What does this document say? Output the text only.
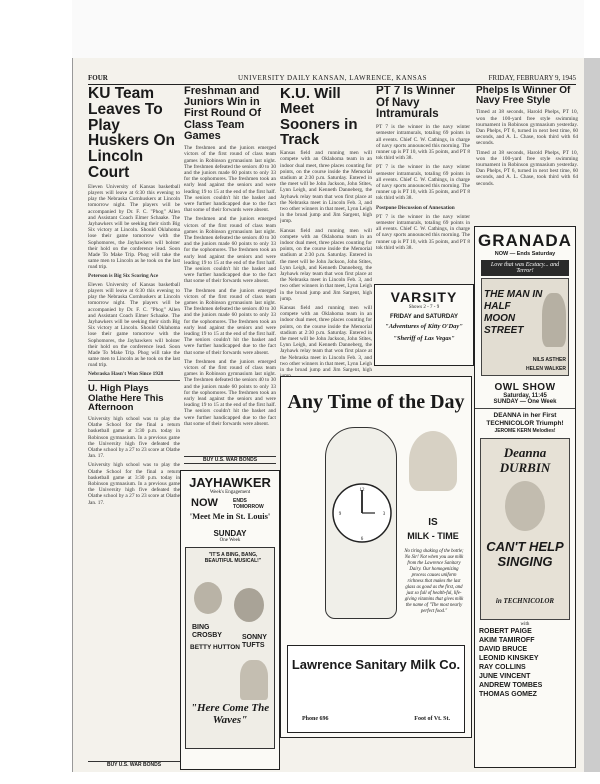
FOUR	UNIVERSITY DAILY KANSAN, LAWRENCE, KANSAS	FRIDAY, FEBRUARY 9, 1945
KU Team Leaves To Play Huskers On Lincoln Court
Eleven University of Kansas basketball players will leave at 6:30 this evening to play the Nebraska Cornhuskers at Lincoln tomorrow night. The players will be accompanied by Dr. F. C. "Phog" Allen and Assistant Coach Elmer Schaake. The Jayhawkers will be seeking their sixth Big Six victory at Lincoln. Should Oklahoma lose their game tomorrow with the Sophomores, the Jayhawkers will bolster their hold on the conference lead. Soon Made To Make Trip. Phog will take the same men to Lincoln as he took on the last road trip.
Peterson is Big Six Scoring Ace
Eleven University of Kansas basketball players will leave at 6:30 this evening to play the Nebraska Cornhuskers at Lincoln tomorrow night. The players will be accompanied by Dr. F. C. "Phog" Allen and Assistant Coach Elmer Schaake. The Jayhawkers will be seeking their sixth Big Six victory at Lincoln. Should Oklahoma lose their game tomorrow with the Sophomores, the Jayhawkers will bolster their hold on the conference lead. Soon Made To Make Trip. Phog will take the same men to Lincoln as he took on the last road trip.
Nebraska Hasn't Won Since 1928
U. High Plays Olathe Here This Afternoon
University high school was to play the Olathe School for the final a return basketball game at 3:30 p.m. today in Robinson gymnasium. In a previous game the University high five defeated the Olathe school by a 27 to 23 score at Olathe Jan. 17.
University high school was to play the Olathe School for the final a return basketball game at 3:30 p.m. today in Robinson gymnasium. In a previous game the University high five defeated the Olathe school by a 27 to 23 score at Olathe Jan. 17.
BUY U.S. WAR BONDS
Freshman and Juniors Win in First Round Of Class Team Games
The freshmen and the juniors emerged victors of the first round of class team games in Robinson gymnasium last night. The freshmen defeated the seniors 40 to 30 and the juniors made 60 points to only 33 for the sophomores. The freshmen took an early lead against the seniors and were leading 19 to 15 at the end of the first half. The seniors couldn't hit the basket and were further handicapped due to the fact that some of their forwards were absent.
The freshmen and the juniors emerged victors of the first round of class team games in Robinson gymnasium last night. The freshmen defeated the seniors 40 to 30 and the juniors made 60 points to only 33 for the sophomores. The freshmen took an early lead against the seniors and were leading 19 to 15 at the end of the first half. The seniors couldn't hit the basket and were further handicapped due to the fact that some of their forwards were absent.
The freshmen and the juniors emerged victors of the first round of class team games in Robinson gymnasium last night. The freshmen defeated the seniors 40 to 30 and the juniors made 60 points to only 33 for the sophomores. The freshmen took an early lead against the seniors and were leading 19 to 15 at the end of the first half. The seniors couldn't hit the basket and were further handicapped due to the fact that some of their forwards were absent.
The freshmen and the juniors emerged victors of the first round of class team games in Robinson gymnasium last night. The freshmen defeated the seniors 40 to 30 and the juniors made 60 points to only 33 for the sophomores. The freshmen took an early lead against the seniors and were leading 19 to 15 at the end of the first half. The seniors couldn't hit the basket and were further handicapped due to the fact that some of their forwards were absent.
BUY U.S. WAR BONDS
JAYHAWKER
Week's Engagement
NOW	ENDS TOMORROW
'Meet Me in St. Louis'
SUNDAY
One Week
"IT'S A BING, BANG, BEAUTIFUL MUSICAL!"
BING CROSBY
BETTY HUTTON
SONNY TUFTS
"Here Come The Waves"
K.U. Will Meet Sooners in Track
Kansas field and running men will compete with an Oklahoma team in an indoor dual meet, three places counting for points, on the course inside the Memorial stadium at 2:30 p.m. Saturday. Entered in the meet will be John Jackson, John Stites, Lynn Leigh, and Kenneth Danneberg, the Jayhawk relay team that won first place at the Nebraska meet in Lincoln Feb. 3, and two other winners in that meet, Lynn Leigh in the broad jump and Jim Sargent, high jump.
Kansas field and running men will compete with an Oklahoma team in an indoor dual meet, three places counting for points, on the course inside the Memorial stadium at 2:30 p.m. Saturday. Entered in the meet will be John Jackson, John Stites, Lynn Leigh, and Kenneth Danneberg, the Jayhawk relay team that won first place at the Nebraska meet in Lincoln Feb. 3, and two other winners in that meet, Lynn Leigh in the broad jump and Jim Sargent, high jump.
Kansas field and running men will compete with an Oklahoma team in an indoor dual meet, three places counting for points, on the course inside the Memorial stadium at 2:30 p.m. Saturday. Entered in the meet will be John Jackson, John Stites, Lynn Leigh, and Kenneth Danneberg, the Jayhawk relay team that won first place at the Nebraska meet in Lincoln Feb. 3, and two other winners in that meet, Lynn Leigh in the broad jump and Jim Sargent, high
PT 7 Is Winner Of Navy Intramurals
PT 7 is the winner in the navy winter semester intramurals, totaling 69 points in all events. Chief C. W. Cathings, in charge of navy sports announced this morning. The runner up is PT 10, with 35 points, and PT 8 tok third with 38.
PT 7 is the winner in the navy winter semester intramurals, totaling 69 points in all events. Chief C. W. Cathings, in charge of navy sports announced this morning. The runner up is PT 10, with 35 points, and PT 8 tok third with 38.
Postpone Discussion of Annexation
PT 7 is the winner in the navy winter semester intramurals, totaling 69 points in all events. Chief C. W. Cathings, in charge of navy sports announced this morning. The runner up is PT 10, with 35 points, and PT 8 tok third with 38.
VARSITY
Shows 2 - 7 - 9
FRIDAY and SATURDAY
"Adventures of Kitty O'Day"
"Sheriff of Las Vegas"
Any Time of the Day
12
3
6
9
IS
MILK - TIME
No tiring shaking of the bottle; No Sir! Not when you use milk from the Lawrence Sanitary Dairy. Our homogenizing process causes uniform richness that makes the last glass as good as the first, and just so full of health-ful, life-giving vitamins that gives milk the name of "The most nearly perfect food."
Lawrence Sanitary Milk Co.
Phone 696	Foot of Vt. St.
Phelps Is Winner Of Navy Free Style
Timed at 38 seconds, Harold Phelps, PT 10, won the 100-yard free style swimming tournament in Robinson gymnasium yesterday. Dan Phelps, PT 6, turned in next best time, 60 seconds, and A. L. Chase, took third with 64 seconds.
Timed at 38 seconds, Harold Phelps, PT 10, won the 100-yard free style swimming tournament in Robinson gymnasium yesterday. Dan Phelps, PT 6, turned in next best time, 60 seconds, and A. L. Chase, took third with 64 seconds.
GRANADA
NOW — Ends Saturday
Love that was Ecstacy... and Terror!
THE MAN IN HALF MOON STREET
NILS ASTHER
HELEN WALKER
OWL SHOW
Saturday, 11:45
SUNDAY — One Week
DEANNA in her First TECHNICOLOR Triumph!
JEROME KERN Melodies!
Deanna DURBIN
CAN'T HELP SINGING
in TECHNICOLOR
with
ROBERT PAIGE
AKIM TAMIROFF
DAVID BRUCE
LEONID KINSKEY
RAY COLLINS
JUNE VINCENT
ANDREW TOMBES
THOMAS GOMEZ
